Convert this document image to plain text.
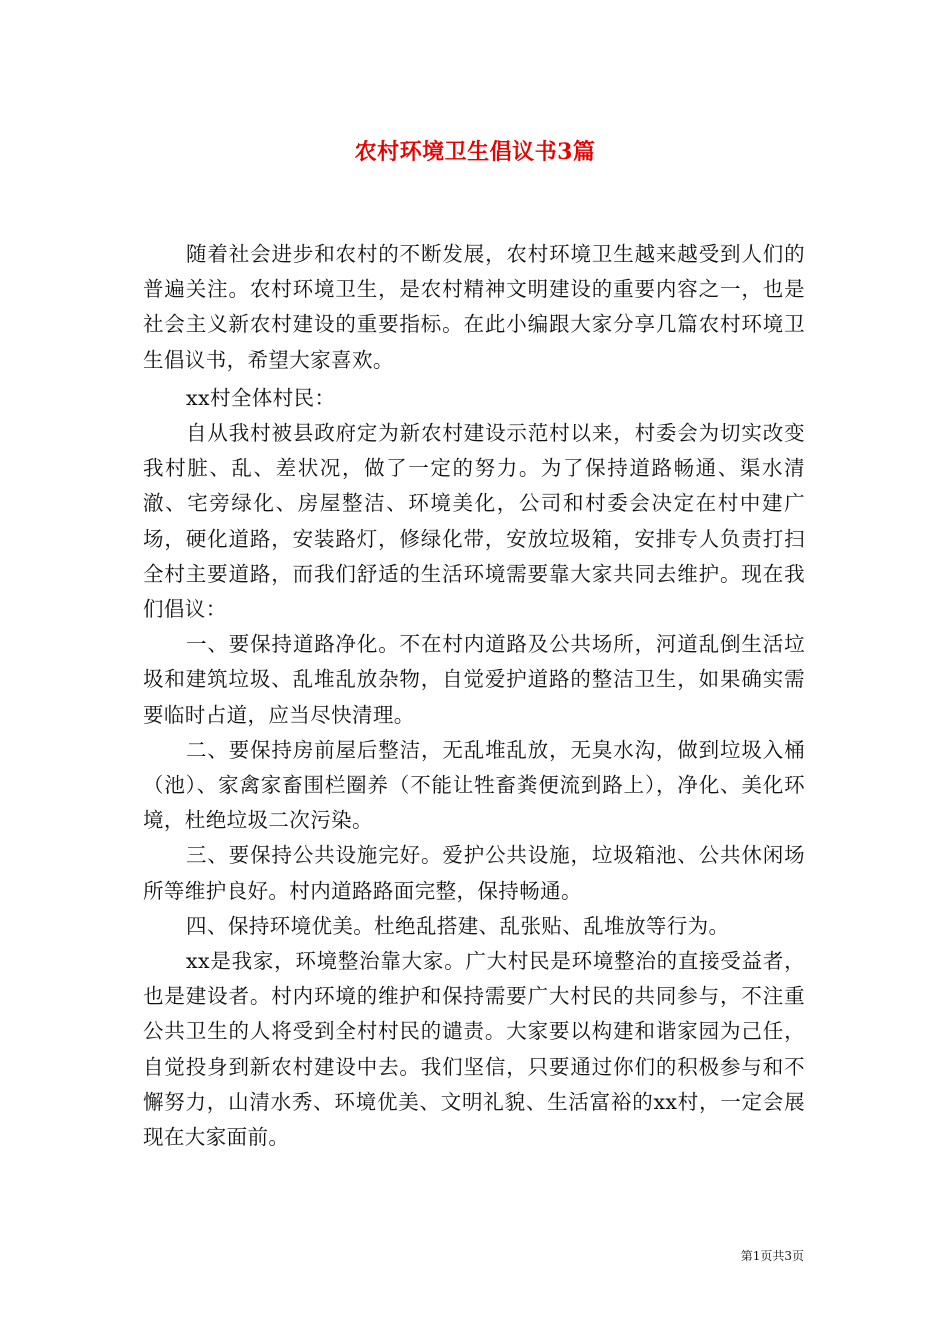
农村环境卫生倡议书3篇

随着社会进步和农村的不断发展，农村环境卫生越来越受到人们的普遍关注。农村环境卫生，是农村精神文明建设的重要内容之一，也是社会主义新农村建设的重要指标。在此小编跟大家分享几篇农村环境卫生倡议书，希望大家喜欢。

xx村全体村民：

自从我村被县政府定为新农村建设示范村以来，村委会为切实改变我村脏、乱、差状况，做了一定的努力。为了保持道路畅通、渠水清澈、宅旁绿化、房屋整洁、环境美化，公司和村委会决定在村中建广场，硬化道路，安装路灯，修绿化带，安放垃圾箱，安排专人负责打扫全村主要道路，而我们舒适的生活环境需要靠大家共同去维护。现在我们倡议：

一、要保持道路净化。不在村内道路及公共场所，河道乱倒生活垃圾和建筑垃圾、乱堆乱放杂物，自觉爱护道路的整洁卫生，如果确实需要临时占道，应当尽快清理。

二、要保持房前屋后整洁，无乱堆乱放，无臭水沟，做到垃圾入桶（池）、家禽家畜围栏圈养（不能让牲畜粪便流到路上），净化、美化环境，杜绝垃圾二次污染。

三、要保持公共设施完好。爱护公共设施，垃圾箱池、公共休闲场所等维护良好。村内道路路面完整，保持畅通。

四、保持环境优美。杜绝乱搭建、乱张贴、乱堆放等行为。

xx是我家，环境整治靠大家。广大村民是环境整治的直接受益者，也是建设者。村内环境的维护和保持需要广大村民的共同参与，不注重公共卫生的人将受到全村村民的谴责。大家要以构建和谐家园为己任，自觉投身到新农村建设中去。我们坚信，只要通过你们的积极参与和不懈努力，山清水秀、环境优美、文明礼貌、生活富裕的xx村，一定会展现在大家面前。

第1页共3页
